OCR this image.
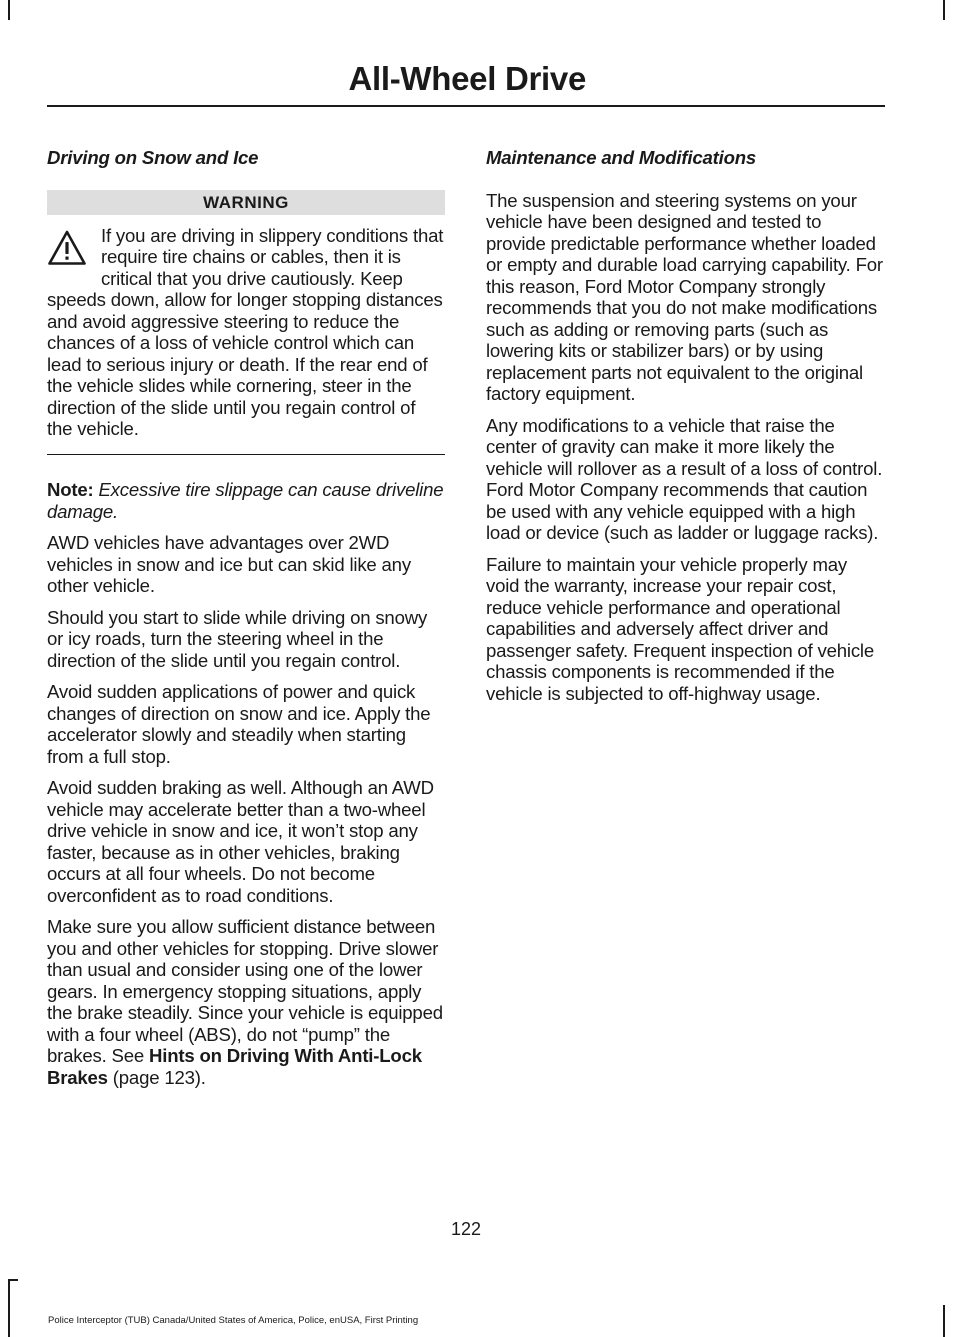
All-Wheel Drive
Driving on Snow and Ice
WARNING
If you are driving in slippery conditions that require tire chains or cables, then it is critical that you drive cautiously. Keep speeds down, allow for longer stopping distances and avoid aggressive steering to reduce the chances of a loss of vehicle control which can lead to serious injury or death. If the rear end of the vehicle slides while cornering, steer in the direction of the slide until you regain control of the vehicle.

Note: Excessive tire slippage can cause driveline damage.

AWD vehicles have advantages over 2WD vehicles in snow and ice but can skid like any other vehicle.

Should you start to slide while driving on snowy or icy roads, turn the steering wheel in the direction of the slide until you regain control.

Avoid sudden applications of power and quick changes of direction on snow and ice. Apply the accelerator slowly and steadily when starting from a full stop.

Avoid sudden braking as well. Although an AWD vehicle may accelerate better than a two-wheel drive vehicle in snow and ice, it won’t stop any faster, because as in other vehicles, braking occurs at all four wheels. Do not become overconfident as to road conditions.

Make sure you allow sufficient distance between you and other vehicles for stopping. Drive slower than usual and consider using one of the lower gears. In emergency stopping situations, apply the brake steadily. Since your vehicle is equipped with a four wheel (ABS), do not “pump” the brakes. See Hints on Driving With Anti-Lock Brakes (page 123).

Maintenance and Modifications

The suspension and steering systems on your vehicle have been designed and tested to provide predictable performance whether loaded or empty and durable load carrying capability. For this reason, Ford Motor Company strongly recommends that you do not make modifications such as adding or removing parts (such as lowering kits or stabilizer bars) or by using replacement parts not equivalent to the original factory equipment.

Any modifications to a vehicle that raise the center of gravity can make it more likely the vehicle will rollover as a result of a loss of control. Ford Motor Company recommends that caution be used with any vehicle equipped with a high load or device (such as ladder or luggage racks).

Failure to maintain your vehicle properly may void the warranty, increase your repair cost, reduce vehicle performance and operational capabilities and adversely affect driver and passenger safety. Frequent inspection of vehicle chassis components is recommended if the vehicle is subjected to off-highway usage.

122
Police Interceptor (TUB) Canada/United States of America, Police, enUSA, First Printing
